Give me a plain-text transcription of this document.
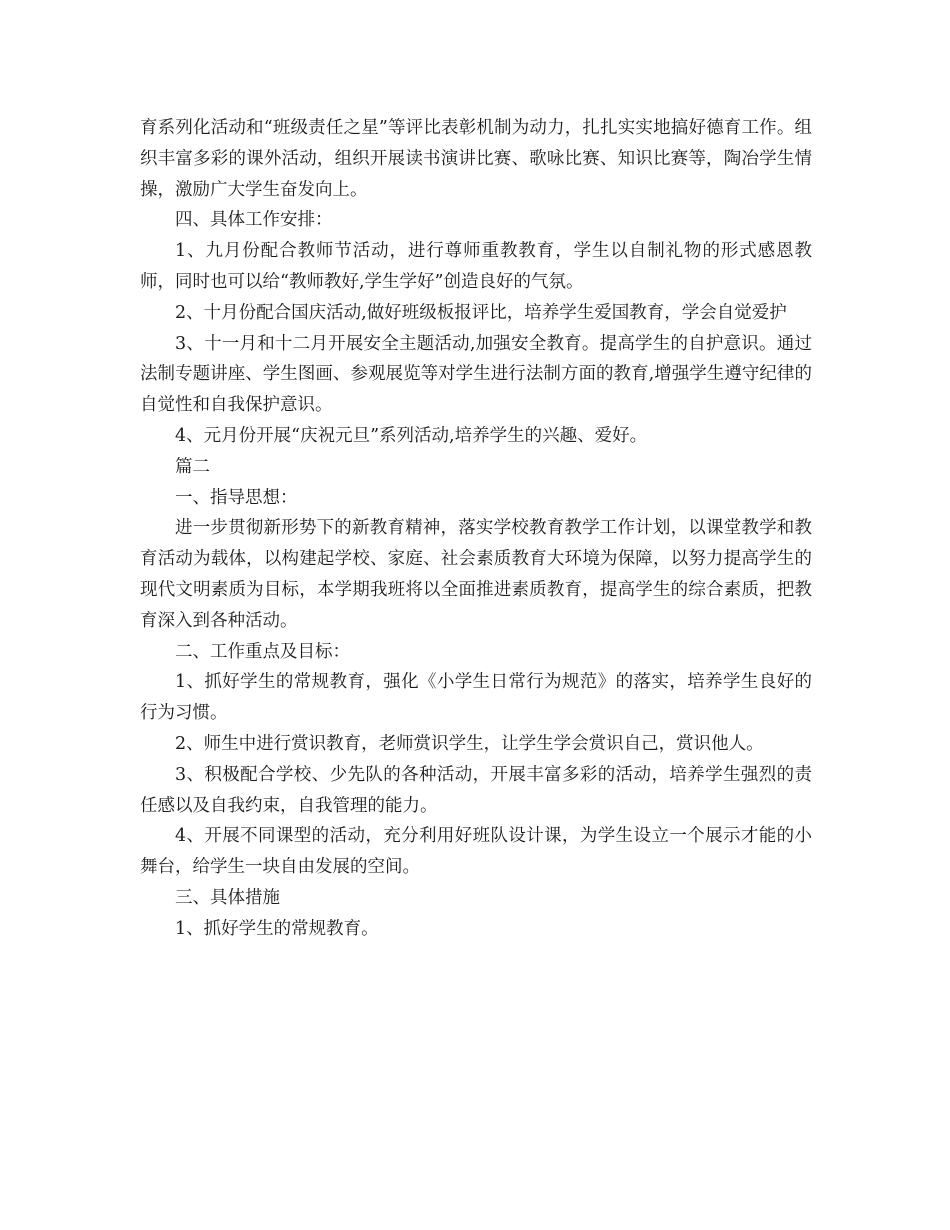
育系列化活动和“班级责任之星”等评比表彰机制为动力，扎扎实实地搞好德育工作。组织丰富多彩的课外活动，组织开展读书演讲比赛、歌咏比赛、知识比赛等，陶冶学生情操，激励广大学生奋发向上。

四、具体工作安排：

1、九月份配合教师节活动，进行尊师重教教育，学生以自制礼物的形式感恩教师，同时也可以给“教师教好,学生学好”创造良好的气氛。

2、十月份配合国庆活动,做好班级板报评比，培养学生爱国教育，学会自觉爱护

3、十一月和十二月开展安全主题活动,加强安全教育。提高学生的自护意识。通过法制专题讲座、学生图画、参观展览等对学生进行法制方面的教育,增强学生遵守纪律的自觉性和自我保护意识。

4、元月份开展“庆祝元旦”系列活动,培养学生的兴趣、爱好。

篇二

一、指导思想：

进一步贯彻新形势下的新教育精神，落实学校教育教学工作计划，以课堂教学和教育活动为载体，以构建起学校、家庭、社会素质教育大环境为保障，以努力提高学生的现代文明素质为目标，本学期我班将以全面推进素质教育，提高学生的综合素质，把教育深入到各种活动。

二、工作重点及目标：

1、抓好学生的常规教育，强化《小学生日常行为规范》的落实，培养学生良好的行为习惯。

2、师生中进行赏识教育，老师赏识学生，让学生学会赏识自己，赏识他人。

3、积极配合学校、少先队的各种活动，开展丰富多彩的活动，培养学生强烈的责任感以及自我约束，自我管理的能力。

4、开展不同课型的活动，充分利用好班队设计课，为学生设立一个展示才能的小舞台，给学生一块自由发展的空间。

三、具体措施

1、抓好学生的常规教育。
